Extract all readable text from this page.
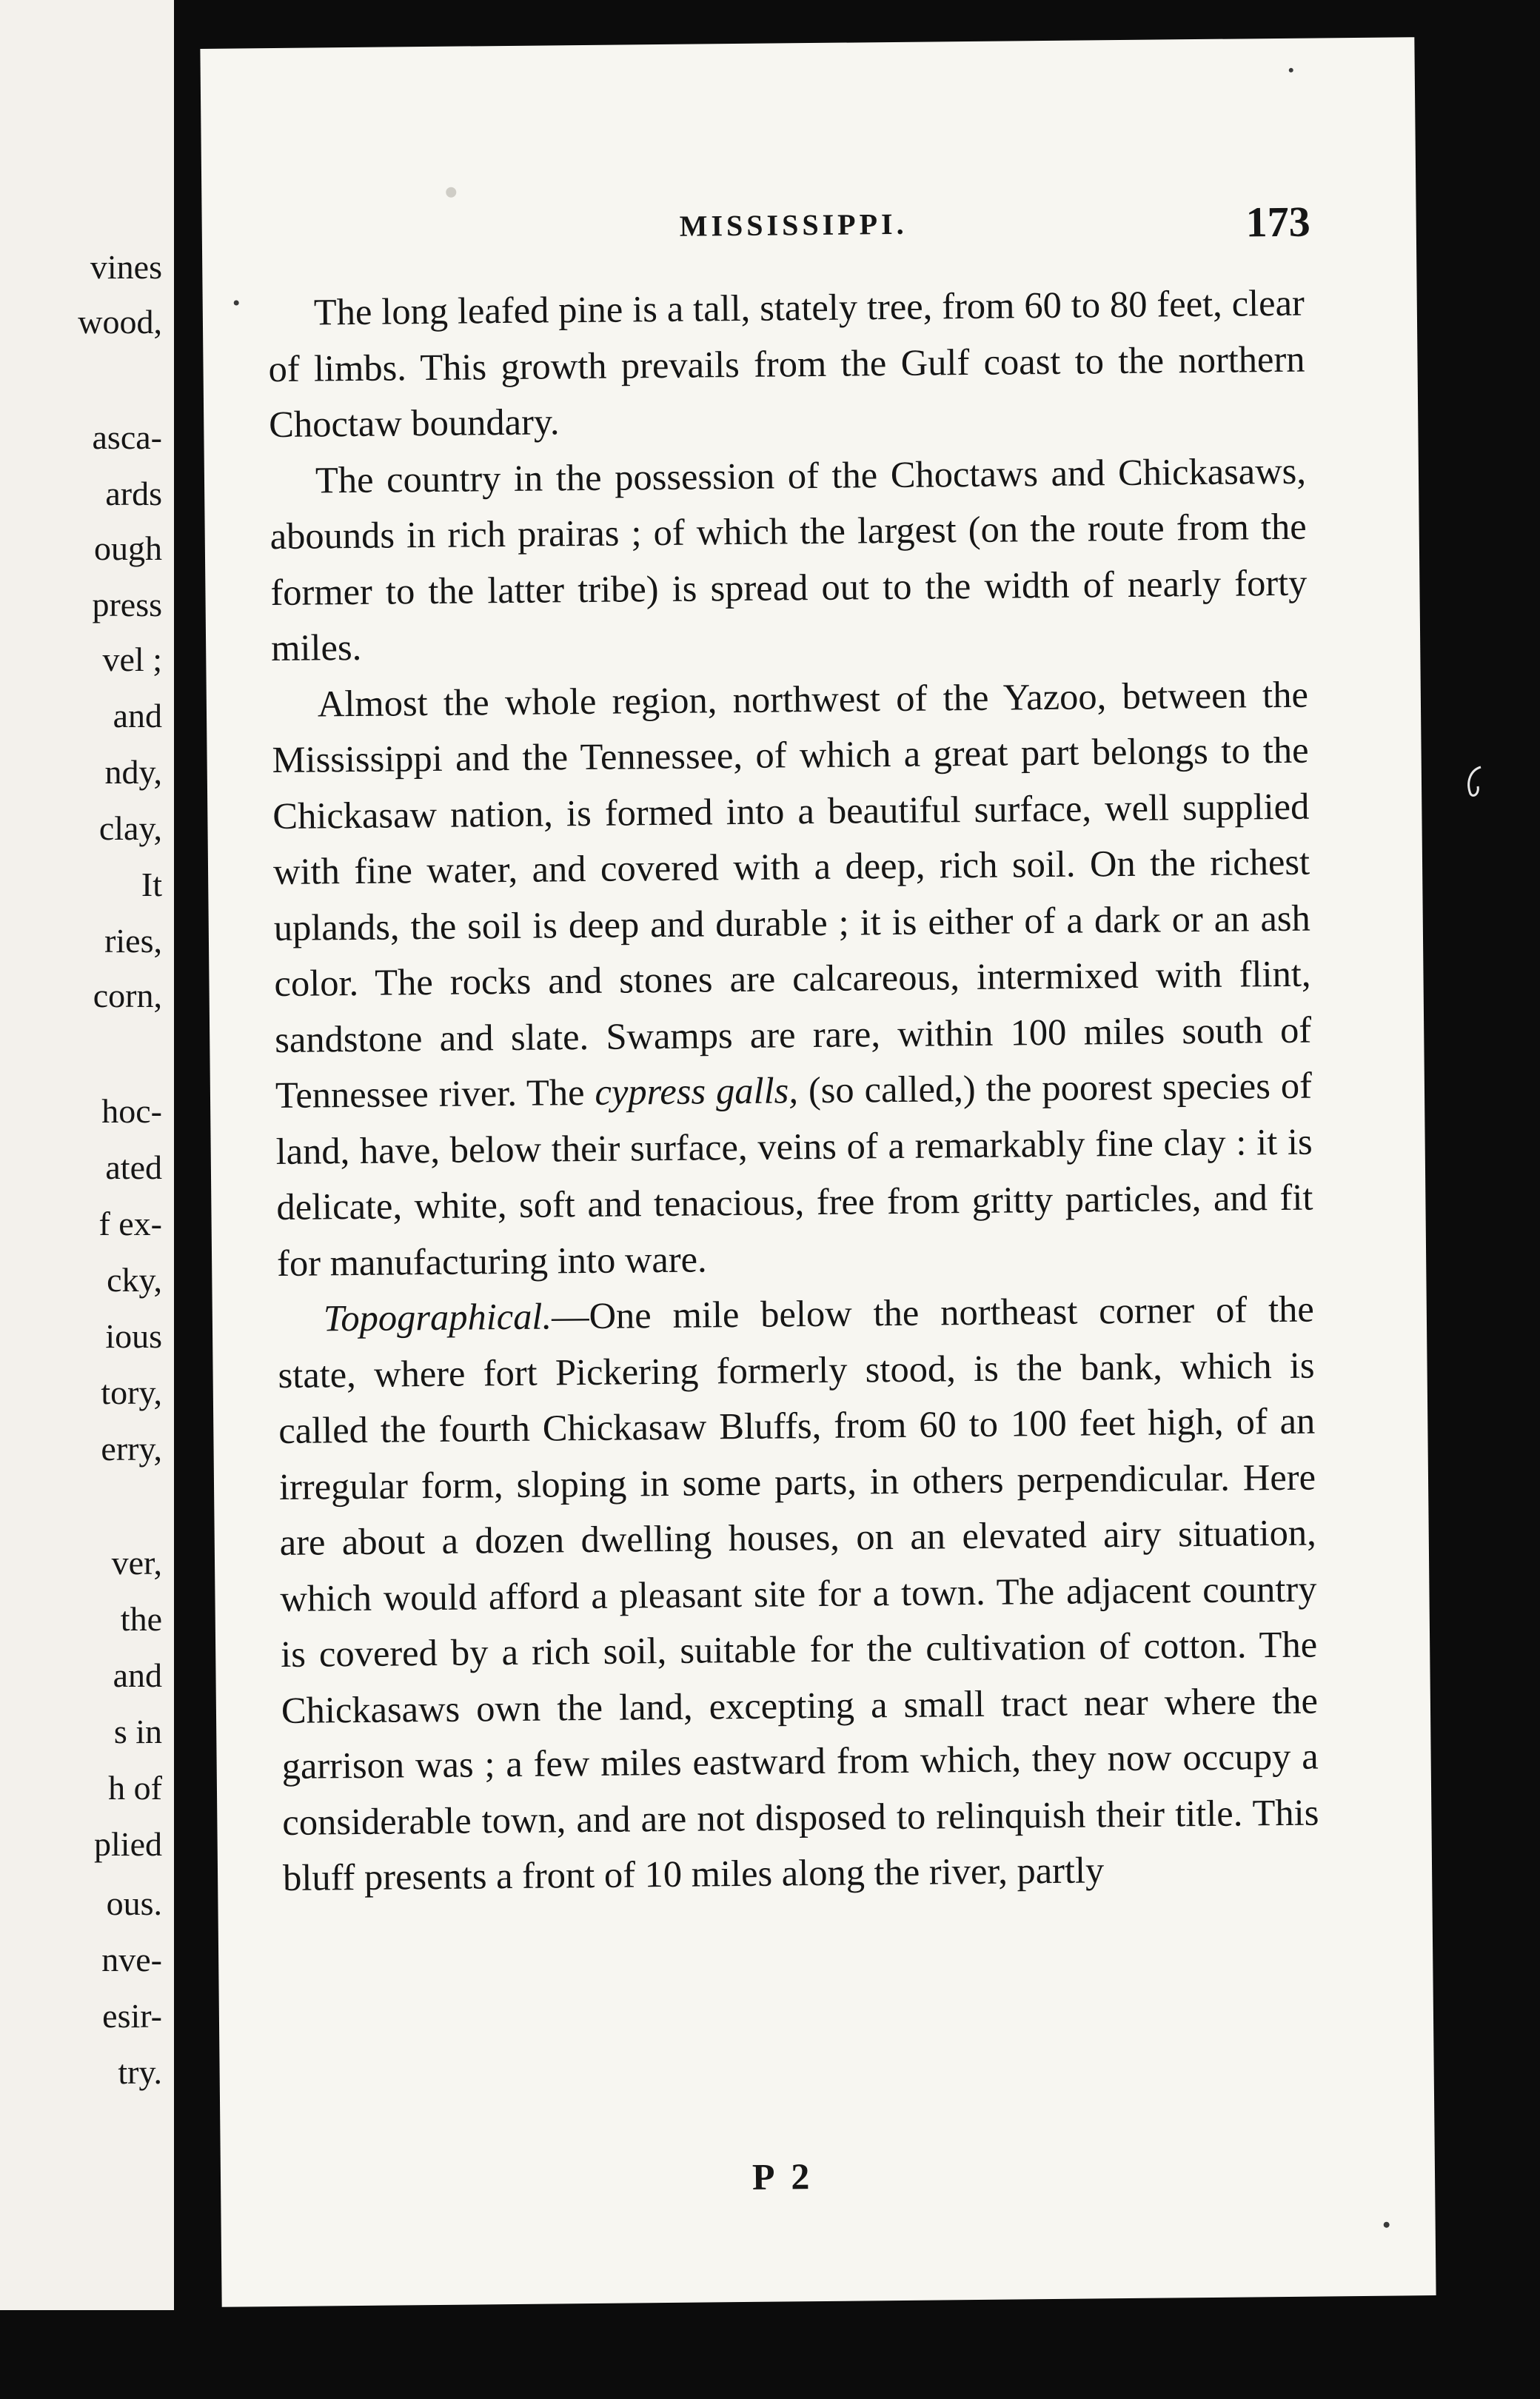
vines
wood,
asca-
ards
ough
press
vel ;
and
ndy,
clay,
It
ries,
corn,
hoc-
ated
f ex-
cky,
ious
tory,
erry,
ver,
the
and
s in
h of
plied
ous.
nve-
esir-
try.
MISSISSIPPI.	173

The long leafed pine is a tall, stately tree, from 60 to 80 feet, clear of limbs. This growth prevails from the Gulf coast to the northern Choctaw boundary.

The country in the possession of the Choctaws and Chickasaws, abounds in rich prairas ; of which the largest (on the route from the former to the latter tribe) is spread out to the width of nearly forty miles.

Almost the whole region, northwest of the Yazoo, between the Mississippi and the Tennessee, of which a great part belongs to the Chickasaw nation, is formed into a beautiful surface, well supplied with fine water, and covered with a deep, rich soil. On the richest uplands, the soil is deep and durable ; it is either of a dark or an ash color. The rocks and stones are calcareous, intermixed with flint, sandstone and slate. Swamps are rare, within 100 miles south of Tennessee river. The cypress galls, (so called,) the poorest species of land, have, below their surface, veins of a remarkably fine clay : it is delicate, white, soft and tenacious, free from gritty particles, and fit for manufacturing into ware.

Topographical.—One mile below the northeast corner of the state, where fort Pickering formerly stood, is the bank, which is called the fourth Chickasaw Bluffs, from 60 to 100 feet high, of an irregular form, sloping in some parts, in others perpendicular. Here are about a dozen dwelling houses, on an elevated airy situation, which would afford a pleasant site for a town. The adjacent country is covered by a rich soil, suitable for the cultivation of cotton. The Chickasaws own the land, excepting a small tract near where the garrison was ; a few miles eastward from which, they now occupy a considerable town, and are not disposed to relinquish their title. This bluff presents a front of 10 miles along the river, partly

P 2
